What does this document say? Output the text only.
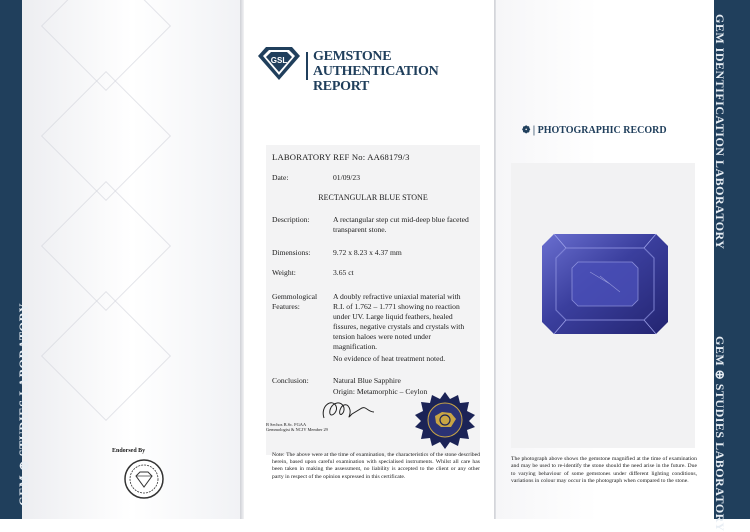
GEM ⊕ STUDIES LABORATORY	Endorsed By
GSL GEMSTONE AUTHENTICATION REPORT
LABORATORY REF No: AA68179/3
Date:	01/09/23
RECTANGULAR BLUE STONE
Description:	A rectangular step cut mid-deep blue faceted transparent stone.
Dimensions:	9.72 x 8.23 x 4.37 mm
Weight:	3.65 ct
Gemmological Features:
A doubly refractive uniaxial material with R.I. of 1.762 – 1.771 showing no reaction under UV. Large liquid feathers, healed fissures, negative crystals and crystals with tension haloes were noted under magnification.
No evidence of heat treatment noted.
Conclusion:	Natural Blue Sapphire
Origin: Metamorphic – Ceylon
B Sechos B.Sc. FGAA
Gemmologist & NCJV Member 29
Note: The above were at the time of examination, the characteristics of the stone described herein, based upon careful examination with specialised instruments. Whilst all care has been taken in making the assessment, no liability is accepted to the client or any other party in respect of the opinion expressed in this certificate.
❁ | PHOTOGRAPHIC RECORD
The photograph above shows the gemstone magnified at the time of examination and may be used to re-identify the stone should the need arise in the future. Due to varying behaviour of some gemstones under different lighting conditions, variations in colour may occur in the photograph when compared to the stone.
GEM IDENTIFICATION LABORATORY
GEM ⊕ STUDIES LABORATORY
